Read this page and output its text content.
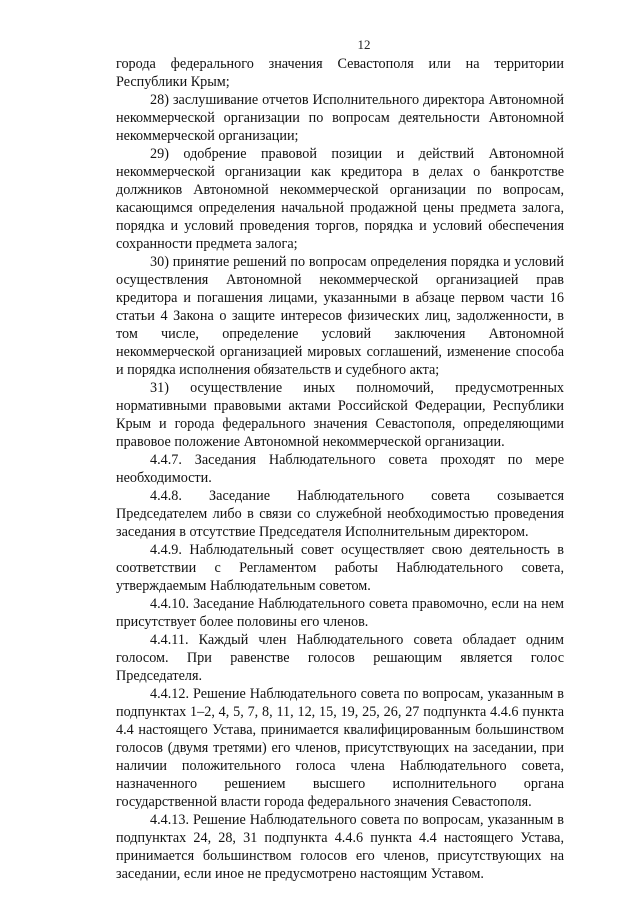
12

города федерального значения Севастополя или на территории Республики Крым;

28) заслушивание отчетов Исполнительного директора Автономной некоммерческой организации по вопросам деятельности Автономной некоммерческой организации;

29) одобрение правовой позиции и действий Автономной некоммерческой организации как кредитора в делах о банкротстве должников Автономной некоммерческой организации по вопросам, касающимся определения начальной продажной цены предмета залога, порядка и условий проведения торгов, порядка и условий обеспечения сохранности предмета залога;

30) принятие решений по вопросам определения порядка и условий осуществления Автономной некоммерческой организацией прав кредитора и погашения лицами, указанными в абзаце первом части 16 статьи 4 Закона о защите интересов физических лиц, задолженности, в том числе, определение условий заключения Автономной некоммерческой организацией мировых соглашений, изменение способа и порядка исполнения обязательств и судебного акта;

31) осуществление иных полномочий, предусмотренных нормативными правовыми актами Российской Федерации, Республики Крым и города федерального значения Севастополя, определяющими правовое положение Автономной некоммерческой организации.

4.4.7. Заседания Наблюдательного совета проходят по мере необходимости.

4.4.8. Заседание Наблюдательного совета созывается Председателем либо в связи со служебной необходимостью проведения заседания в отсутствие Председателя Исполнительным директором.

4.4.9. Наблюдательный совет осуществляет свою деятельность в соответствии с Регламентом работы Наблюдательного совета, утверждаемым Наблюдательным советом.

4.4.10. Заседание Наблюдательного совета правомочно, если на нем присутствует более половины его членов.

4.4.11. Каждый член Наблюдательного совета обладает одним голосом. При равенстве голосов решающим является голос Председателя.

4.4.12. Решение Наблюдательного совета по вопросам, указанным в подпунктах 1–2, 4, 5, 7, 8, 11, 12, 15, 19, 25, 26, 27 подпункта 4.4.6 пункта 4.4 настоящего Устава, принимается квалифицированным большинством голосов (двумя третями) его членов, присутствующих на заседании, при наличии положительного голоса члена Наблюдательного совета, назначенного решением высшего исполнительного органа государственной власти города федерального значения Севастополя.

4.4.13. Решение Наблюдательного совета по вопросам, указанным в подпунктах 24, 28, 31 подпункта 4.4.6 пункта 4.4 настоящего Устава, принимается большинством голосов его членов, присутствующих на заседании, если иное не предусмотрено настоящим Уставом.
